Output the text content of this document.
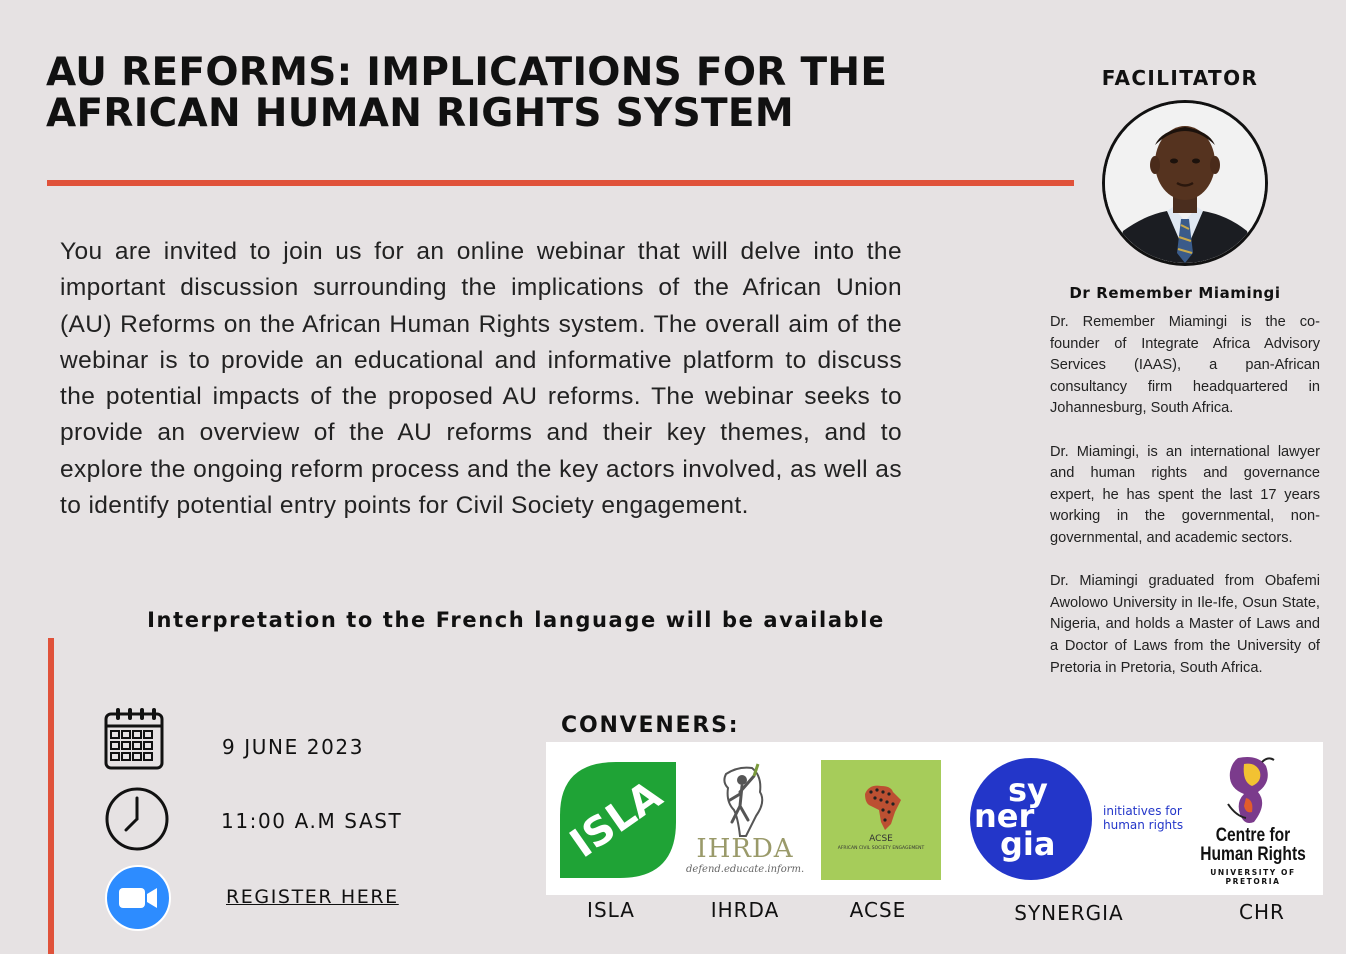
AU REFORMS: IMPLICATIONS FOR THE
AFRICAN HUMAN RIGHTS SYSTEM

You are invited to join us for an online webinar that will delve into the important discussion surrounding the implications of the African Union (AU) Reforms on the African Human Rights system. The overall aim of the webinar is to provide an educational and informative platform to discuss the potential impacts of the proposed AU reforms. The webinar seeks to provide an overview of the AU reforms and their key themes, and to explore the ongoing reform process and the key actors involved, as well as to identify potential entry points for Civil Society engagement.

Interpretation to the French language will be available
FACILITATOR
Dr Remember Miamingi

Dr. Remember Miamingi is the co-founder of Integrate Africa Advisory Services (IAAS), a pan-African consultancy firm headquartered in Johannesburg, South Africa.

Dr. Miamingi, is an international lawyer and human rights and governance expert, he has spent the last 17 years working in the governmental, non-governmental, and academic sectors.

Dr. Miamingi graduated from Obafemi Awolowo University in Ile-Ife, Osun State, Nigeria, and holds a Master of Laws and a Doctor of Laws from the University of Pretoria in Pretoria, South Africa.

9 JUNE 2023
11:00 A.M SAST
REGISTER HERE
CONVENERS:
ISLA IHRDA
defend.educate.inform.
ACSE
AFRICAN CIVIL SOCIETY ENGAGEMENT
sy
ner
gia
initiatives for
human rights	Centre for
Human Rights
UNIVERSITY OF PRETORIA
ISLA	IHRDA	ACSE	SYNERGIA	CHR
